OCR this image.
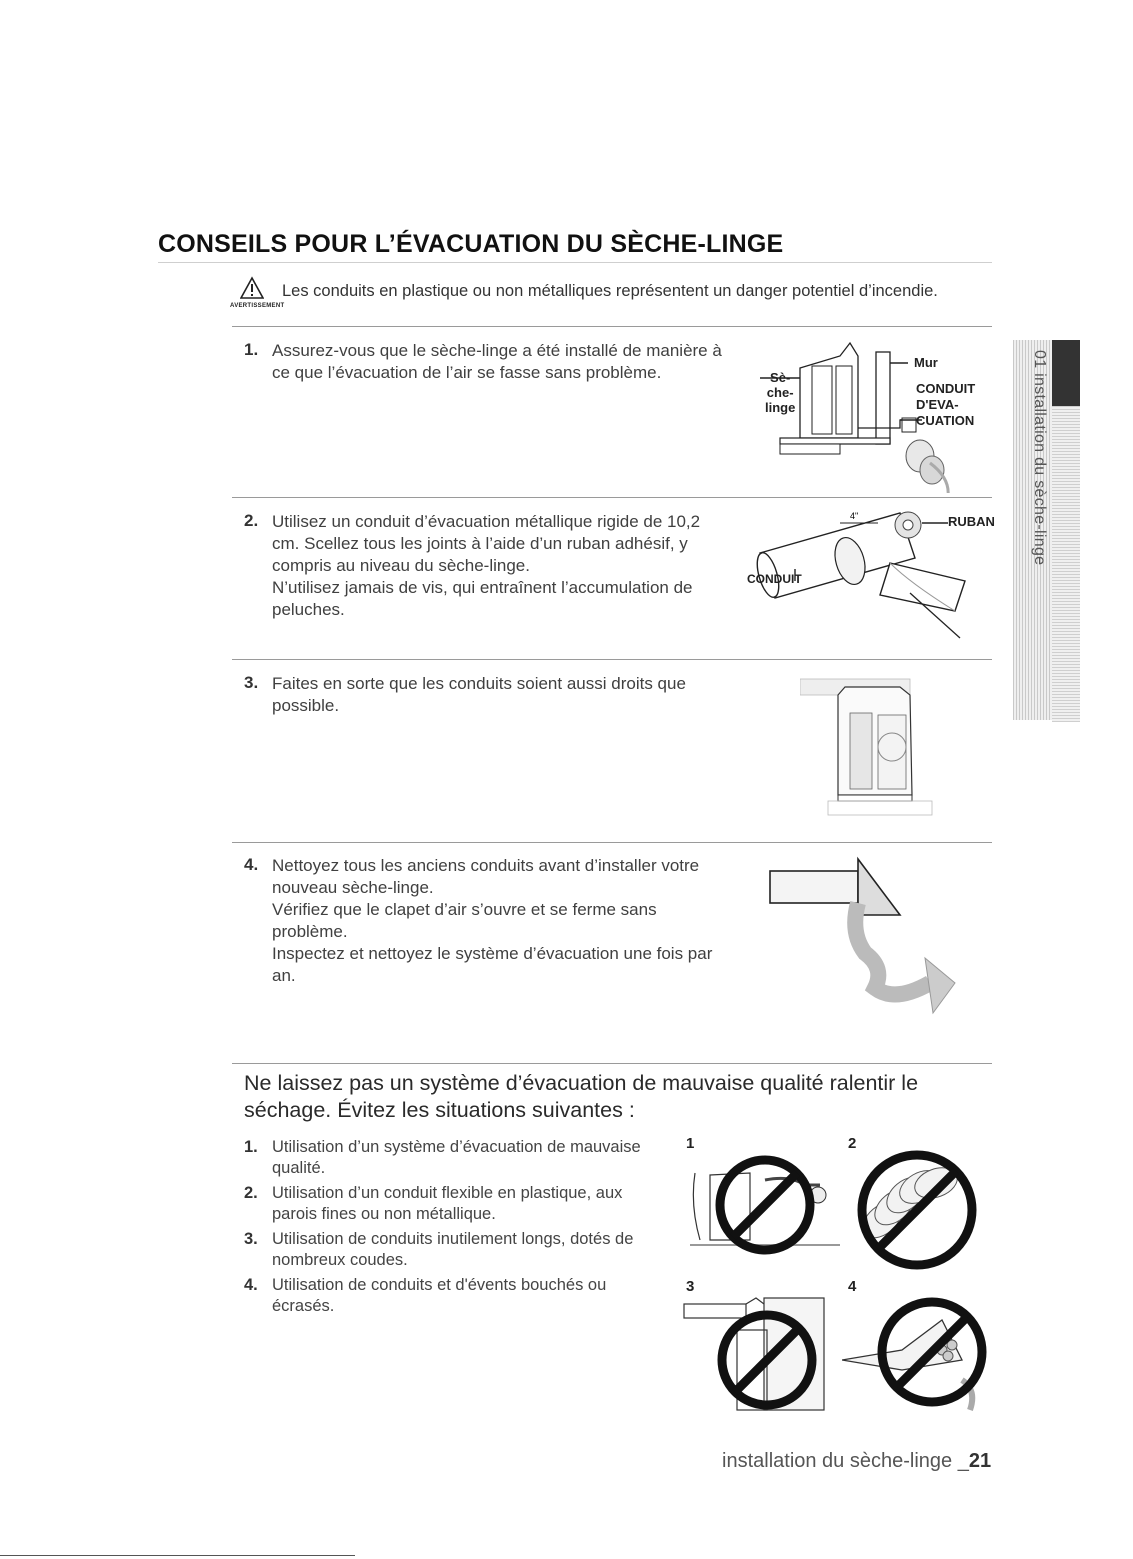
CONSEILS POUR L’ÉVACUATION DU SÈCHE-LINGE
AVERTISSEMENT
Les conduits en plastique ou non métalliques représentent un danger potentiel d’incendie.
01 installation du sèche-linge
1. Assurez-vous que le sèche-linge a été installé de manière à
ce que l’évacuation de l’air se fasse sans problème.	Sè-
che-
linge
Mur
CONDUIT
D'EVA-
CUATION
2. Utilisez un conduit d’évacuation métallique rigide de 10,2
cm. Scellez tous les joints à l’aide d’un ruban adhésif, y
compris au niveau du sèche-linge.
N’utilisez jamais de vis, qui entraînent l’accumulation de
peluches.
4"	RUBAN
CONDUIT
3. Faites en sorte que les conduits soient aussi droits que
possible.
4. Nettoyez tous les anciens conduits avant d’installer votre
nouveau sèche-linge.
Vérifiez que le clapet d’air s’ouvre et se ferme sans
problème.
Inspectez et nettoyez le système d’évacuation une fois par
an.
Ne laissez pas un système d’évacuation de mauvaise qualité ralentir le
séchage. Évitez les situations suivantes :
1. Utilisation d’un système d’évacuation de mauvaise
qualité.
2. Utilisation d’un conduit flexible en plastique, aux
parois fines ou non métallique.
3. Utilisation de conduits inutilement longs, dotés de
nombreux coudes.
4. Utilisation de conduits et d'évents bouchés ou
écrasés.
1	2
3	4
installation du sèche-linge _21
